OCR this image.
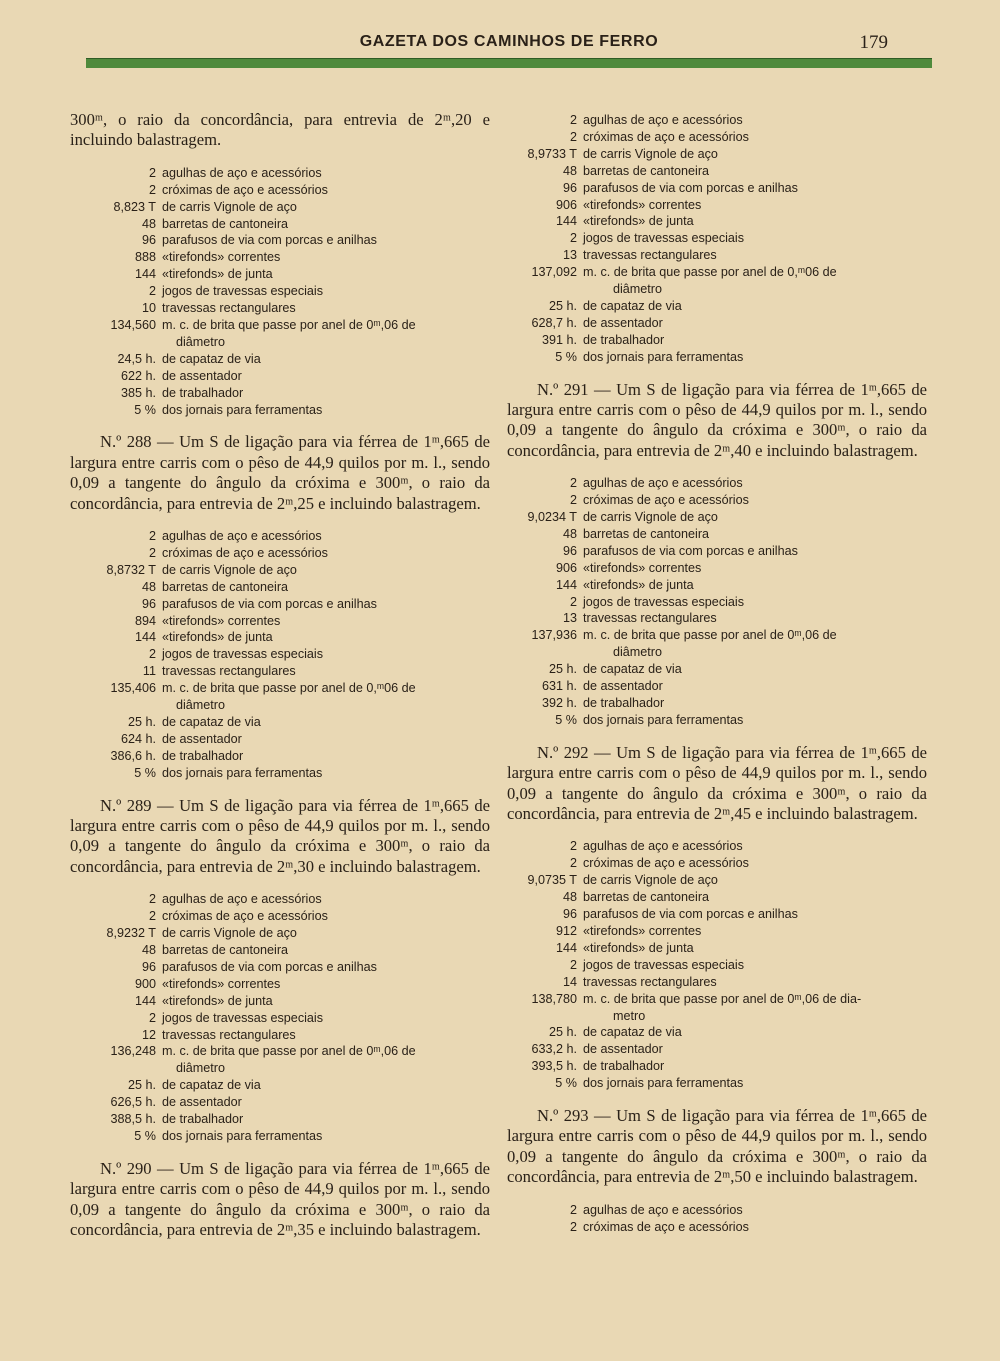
GAZETA DOS CAMINHOS DE FERRO	179

300ᵐ, o raio da concordância, para entrevia de 2ᵐ,20 e incluindo balastragem.

2 agulhas de aço e acessórios
2 cróximas de aço e acessórios
8,823 T de carris Vignole de aço
48 barretas de cantoneira
96 parafusos de via com porcas e anilhas
888 «tirefonds» correntes
144 «tirefonds» de junta
2 jogos de travessas especiais
10 travessas rectangulares
134,560 m. c. de brita que passe por anel de 0ᵐ,06 de
diâmetro
24,5 h. de capataz de via
622 h. de assentador
385 h. de trabalhador
5 % dos jornais para ferramentas

N.º 288 — Um S de ligação para via férrea de 1ᵐ,665 de largura entre carris com o pêso de 44,9 quilos por m. l., sendo 0,09 a tangente do ângulo da cróxima e 300ᵐ, o raio da concordância, para entrevia de 2ᵐ,25 e incluindo balastragem.

2 agulhas de aço e acessórios
2 cróximas de aço e acessórios
8,8732 T de carris Vignole de aço
48 barretas de cantoneira
96 parafusos de via com porcas e anilhas
894 «tirefonds» correntes
144 «tirefonds» de junta
2 jogos de travessas especiais
11 travessas rectangulares
135,406 m. c. de brita que passe por anel de 0,ᵐ06 de
diâmetro
25 h. de capataz de via
624 h. de assentador
386,6 h. de trabalhador
5 % dos jornais para ferramentas

N.º 289 — Um S de ligação para via férrea de 1ᵐ,665 de largura entre carris com o pêso de 44,9 quilos por m. l., sendo 0,09 a tangente do ângulo da cróxima e 300ᵐ, o raio da concordância, para entrevia de 2ᵐ,30 e incluindo balastragem.

2 agulhas de aço e acessórios
2 cróximas de aço e acessórios
8,9232 T de carris Vignole de aço
48 barretas de cantoneira
96 parafusos de via com porcas e anilhas
900 «tirefonds» correntes
144 «tirefonds» de junta
2 jogos de travessas especiais
12 travessas rectangulares
136,248 m. c. de brita que passe por anel de 0ᵐ,06 de
diâmetro
25 h. de capataz de via
626,5 h. de assentador
388,5 h. de trabalhador
5 % dos jornais para ferramentas

N.º 290 — Um S de ligação para via férrea de 1ᵐ,665 de largura entre carris com o pêso de 44,9 quilos por m. l., sendo 0,09 a tangente do ângulo da cróxima e 300ᵐ, o raio da concordância, para entrevia de 2ᵐ,35 e incluindo balastragem.

2 agulhas de aço e acessórios
2 cróximas de aço e acessórios
8,9733 T de carris Vignole de aço
48 barretas de cantoneira
96 parafusos de via com porcas e anilhas
906 «tirefonds» correntes
144 «tirefonds» de junta
2 jogos de travessas especiais
13 travessas rectangulares
137,092 m. c. de brita que passe por anel de 0,ᵐ06 de
diâmetro
25 h. de capataz de via
628,7 h. de assentador
391 h. de trabalhador
5 % dos jornais para ferramentas

N.º 291 — Um S de ligação para via férrea de 1ᵐ,665 de largura entre carris com o pêso de 44,9 quilos por m. l., sendo 0,09 a tangente do ângulo da cróxima e 300ᵐ, o raio da concordância, para entrevia de 2ᵐ,40 e incluindo balastragem.

2 agulhas de aço e acessórios
2 cróximas de aço e acessórios
9,0234 T de carris Vignole de aço
48 barretas de cantoneira
96 parafusos de via com porcas e anilhas
906 «tirefonds» correntes
144 «tirefonds» de junta
2 jogos de travessas especiais
13 travessas rectangulares
137,936 m. c. de brita que passe por anel de 0ᵐ,06 de
diâmetro
25 h. de capataz de via
631 h. de assentador
392 h. de trabalhador
5 % dos jornais para ferramentas

N.º 292 — Um S de ligação para via férrea de 1ᵐ,665 de largura entre carris com o pêso de 44,9 quilos por m. l., sendo 0,09 a tangente do ângulo da cróxima e 300ᵐ, o raio da concordância, para entrevia de 2ᵐ,45 e incluindo balastragem.

2 agulhas de aço e acessórios
2 cróximas de aço e acessórios
9,0735 T de carris Vignole de aço
48 barretas de cantoneira
96 parafusos de via com porcas e anilhas
912 «tirefonds» correntes
144 «tirefonds» de junta
2 jogos de travessas especiais
14 travessas rectangulares
138,780 m. c. de brita que passe por anel de 0ᵐ,06 de dia-
metro
25 h. de capataz de via
633,2 h. de assentador
393,5 h. de trabalhador
5 % dos jornais para ferramentas

N.º 293 — Um S de ligação para via férrea de 1ᵐ,665 de largura entre carris com o pêso de 44,9 quilos por m. l., sendo 0,09 a tangente do ângulo da cróxima e 300ᵐ, o raio da concordância, para entrevia de 2ᵐ,50 e incluindo balastragem.

2 agulhas de aço e acessórios
2 cróximas de aço e acessórios
